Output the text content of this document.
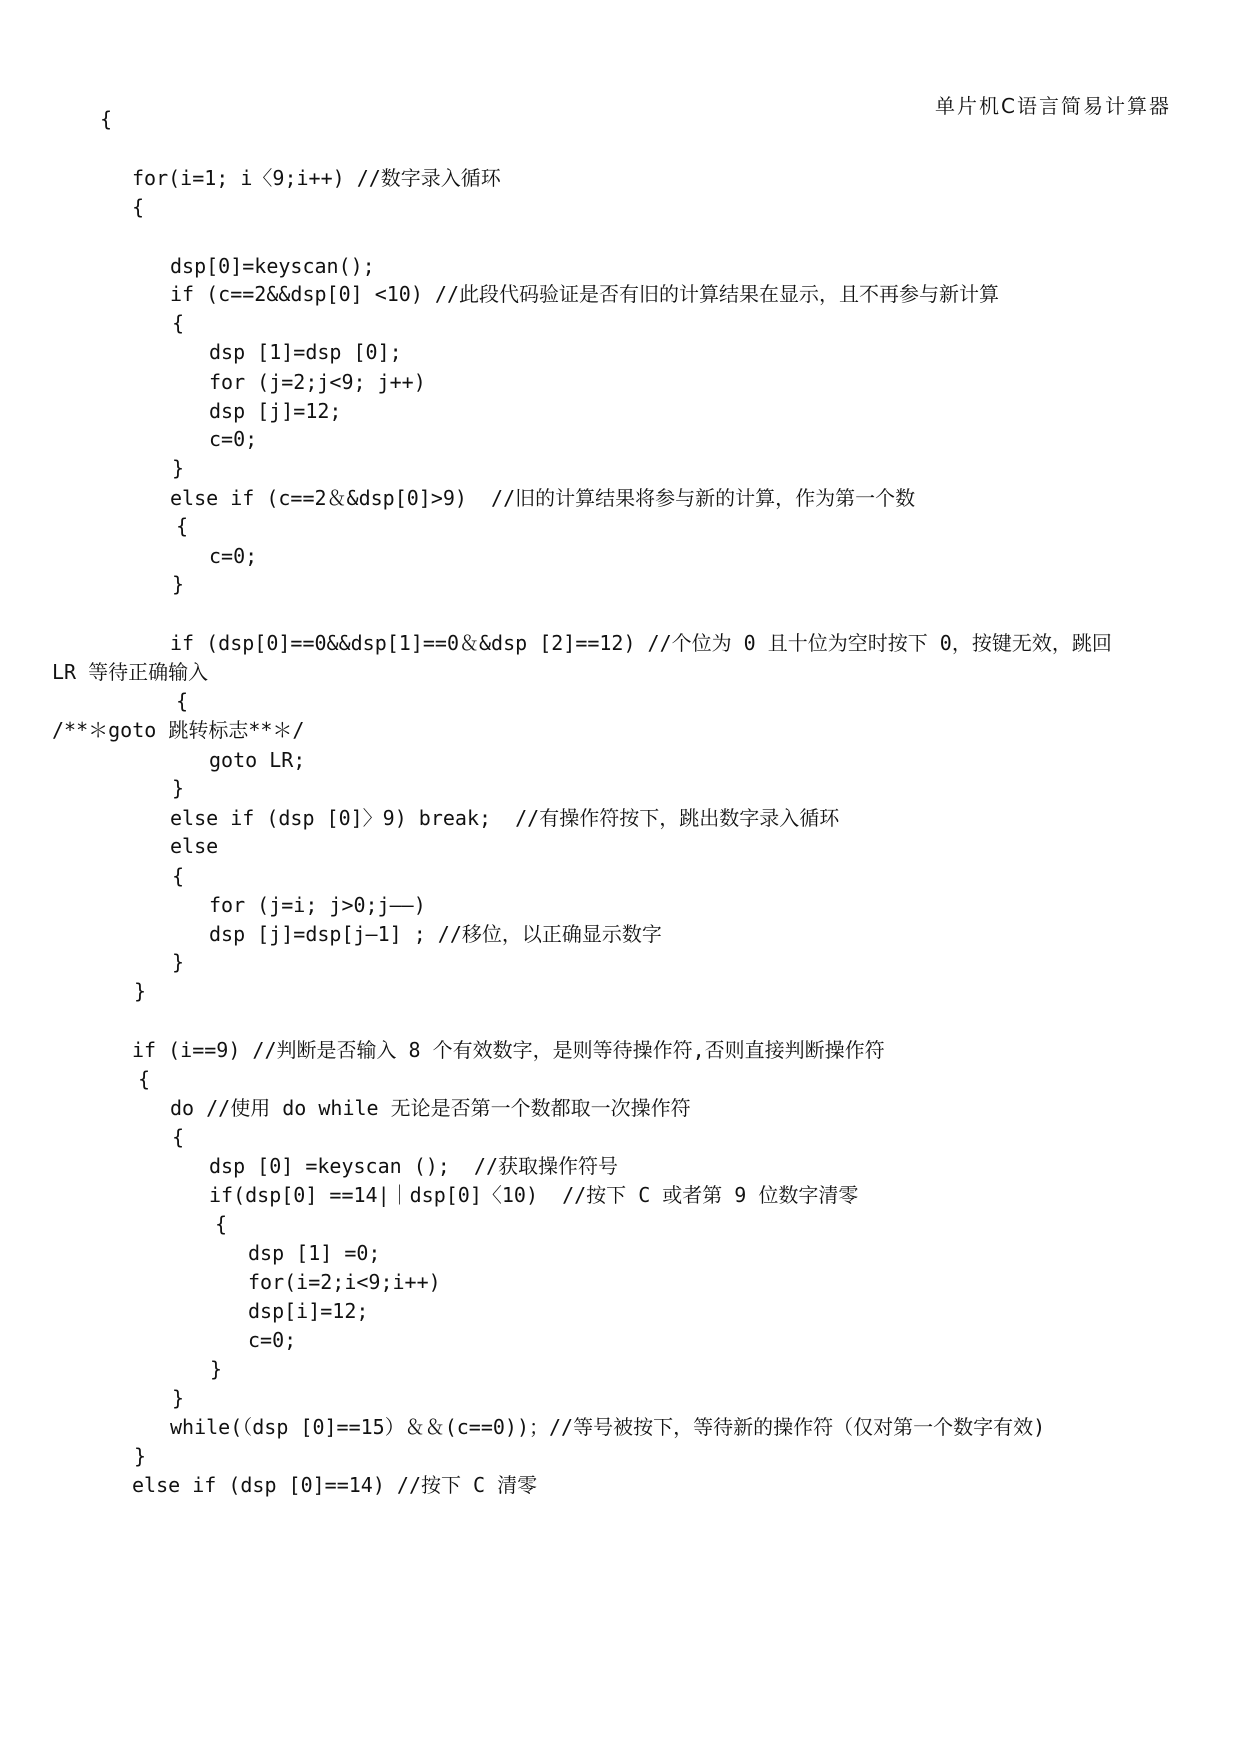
单片机C语言简易计算器
{
for(i=1; i〈9;i++) //数字录入循环
{
dsp[0]=keyscan();
if (c==2&&dsp[0] <10) //此段代码验证是否有旧的计算结果在显示，且不再参与新计算
{
dsp [1]=dsp [0];
for (j=2;j<9; j++)
dsp [j]=12;
c=0;
}
else if (c==2＆&dsp[0]>9)  //旧的计算结果将参与新的计算，作为第一个数
{
c=0;
}
if (dsp[0]==0&&dsp[1]==0＆&dsp [2]==12) //个位为 0 且十位为空时按下 0，按键无效，跳回
LR 等待正确输入
{
/**＊goto 跳转标志**＊/
goto LR;
}
else if (dsp [0]〉9) break;  //有操作符按下，跳出数字录入循环
else
{
for (j=i; j>0;j——)
dsp [j]=dsp[j—1] ; //移位，以正确显示数字
}
}
if (i==9) //判断是否输入 8 个有效数字，是则等待操作符,否则直接判断操作符
{
do //使用 do while 无论是否第一个数都取一次操作符
{
dsp [0] =keyscan ();  //获取操作符号
if(dsp[0] ==14|｜dsp[0]〈10)  //按下 C 或者第 9 位数字清零
{
dsp [1] =0;
for(i=2;i<9;i++)
dsp[i]=12;
c=0;
}
}
while(（dsp [0]==15）＆＆(c==0))；//等号被按下，等待新的操作符（仅对第一个数字有效)
}
else if (dsp [0]==14) //按下 C 清零
